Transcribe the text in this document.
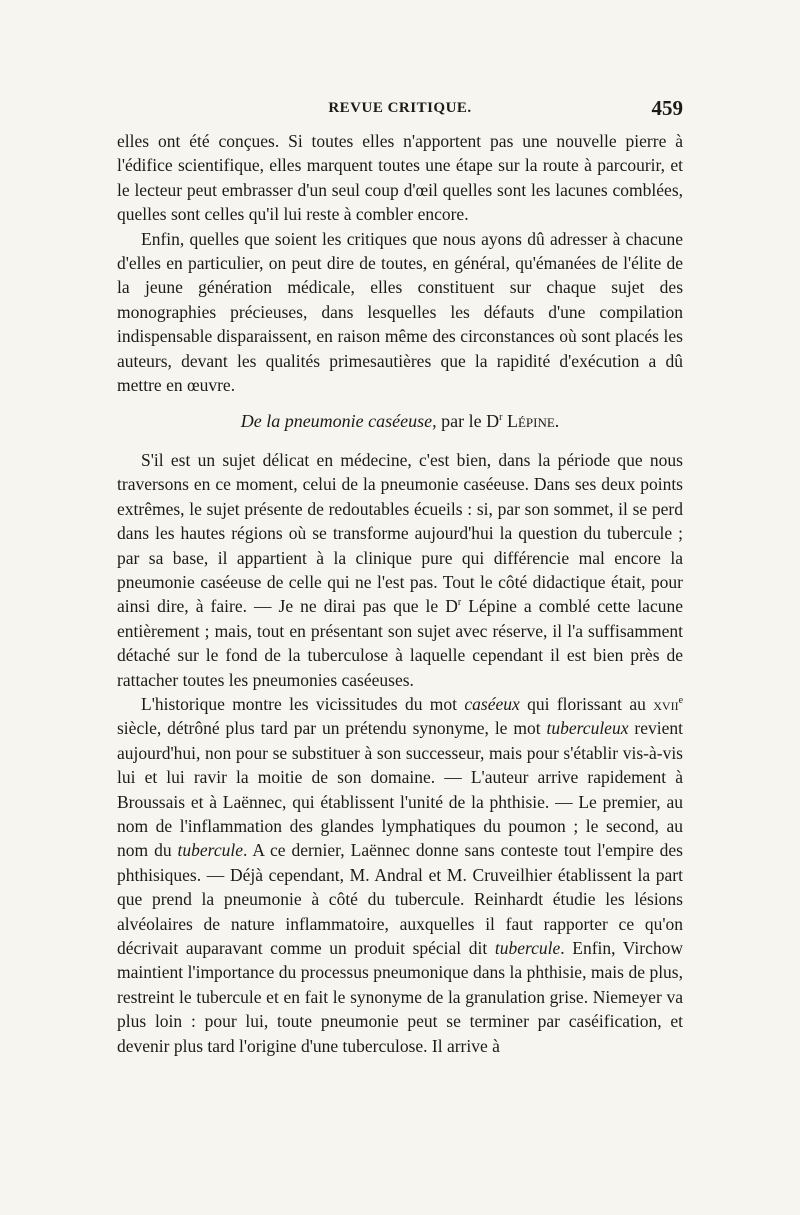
REVUE CRITIQUE.	459

elles ont été conçues. Si toutes elles n'apportent pas une nouvelle pierre à l'édifice scientifique, elles marquent toutes une étape sur la route à parcourir, et le lecteur peut embrasser d'un seul coup d'œil quelles sont les lacunes comblées, quelles sont celles qu'il lui reste à combler encore.

Enfin, quelles que soient les critiques que nous ayons dû adresser à chacune d'elles en particulier, on peut dire de toutes, en général, qu'émanées de l'élite de la jeune génération médicale, elles constituent sur chaque sujet des monographies précieuses, dans lesquelles les défauts d'une compilation indispensable disparaissent, en raison même des circonstances où sont placés les auteurs, devant les qualités primesautières que la rapidité d'exécution a dû mettre en œuvre.

De la pneumonie caséeuse, par le $D^r$ Lépine.

S'il est un sujet délicat en médecine, c'est bien, dans la période que nous traversons en ce moment, celui de la pneumonie caséeuse. Dans ses deux points extrêmes, le sujet présente de redoutables écueils : si, par son sommet, il se perd dans les hautes régions où se transforme aujourd'hui la question du tubercule ; par sa base, il appartient à la clinique pure qui différencie mal encore la pneumonie caséeuse de celle qui ne l'est pas. Tout le côté didactique était, pour ainsi dire, à faire. — Je ne dirai pas que le $D^r$ Lépine a comblé cette lacune entièrement ; mais, tout en présentant son sujet avec réserve, il l'a suffisamment détaché sur le fond de la tuberculose à laquelle cependant il est bien près de rattacher toutes les pneumonies caséeuses.

L'historique montre les vicissitudes du mot caséeux qui florissant au xvii$^e$ siècle, détrôné plus tard par un prétendu synonyme, le mot tuberculeux revient aujourd'hui, non pour se substituer à son successeur, mais pour s'établir vis-à-vis lui et lui ravir la moitie de son domaine. — L'auteur arrive rapidement à Broussais et à Laënnec, qui établissent l'unité de la phthisie. — Le premier, au nom de l'inflammation des glandes lymphatiques du poumon ; le second, au nom du tubercule. A ce dernier, Laënnec donne sans conteste tout l'empire des phthisiques. — Déjà cependant, M. Andral et M. Cruveilhier établissent la part que prend la pneumonie à côté du tubercule. Reinhardt étudie les lésions alvéolaires de nature inflammatoire, auxquelles il faut rapporter ce qu'on décrivait auparavant comme un produit spécial dit tubercule. Enfin, Virchow maintient l'importance du processus pneumonique dans la phthisie, mais de plus, restreint le tubercule et en fait le synonyme de la granulation grise. Niemeyer va plus loin : pour lui, toute pneumonie peut se terminer par caséification, et devenir plus tard l'origine d'une tuberculose. Il arrive à
